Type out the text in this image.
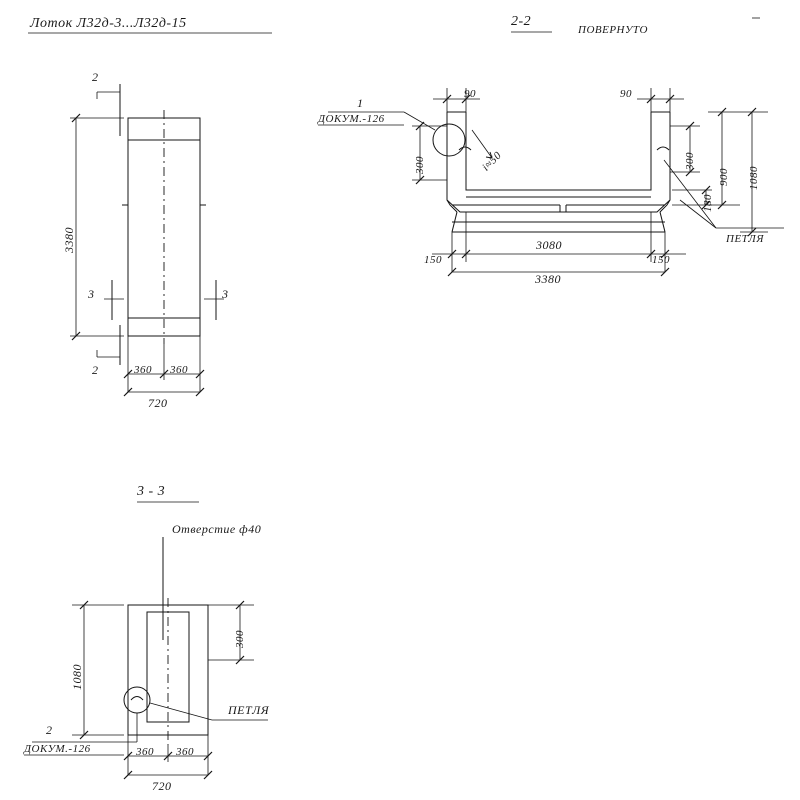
Лоток Л32д-3...Л32д-15
2
2
3	3
3380
360 360
720
2-2
ПОВЕРНУТО
1
ДОКУМ.-126
i≈50
90	90
300	300
900 1080
180
150
3080
150
3380
ПЕТЛЯ
3 - 3
Отверстие ф40
1080
300
360 360
720
ПЕТЛЯ
2
ДОКУМ.-126
